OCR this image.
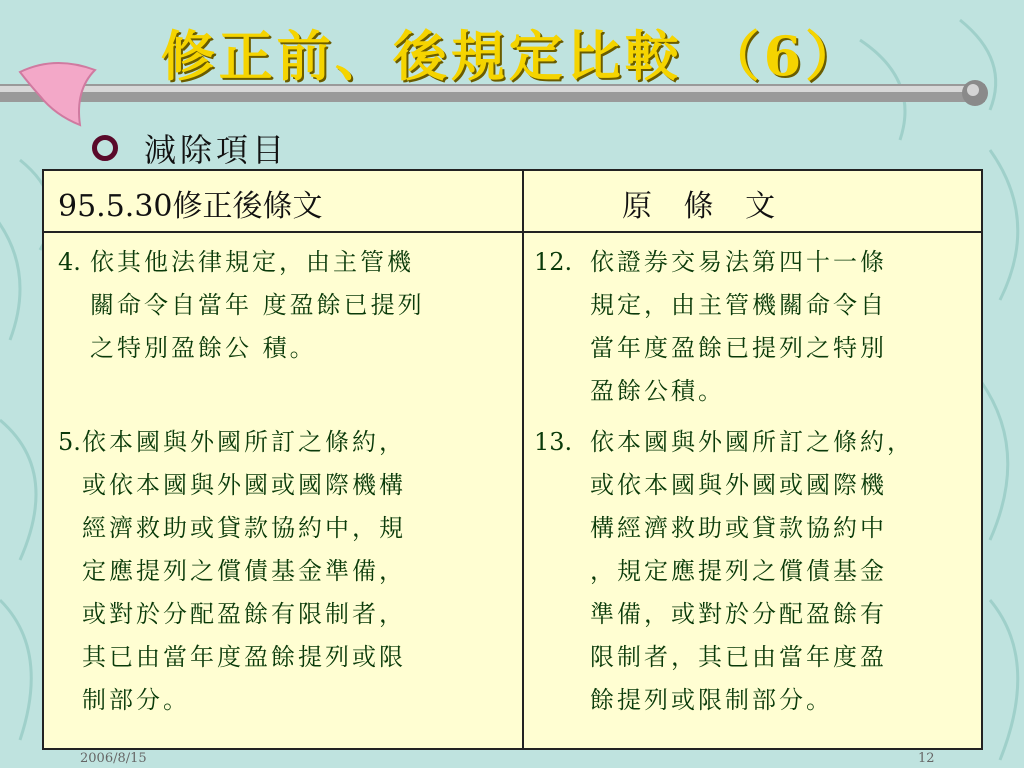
修正前、後規定比較 （6）
減除項目
95.5.30修正後條文	原 條 文
4. 依其他法律規定，由主管機
關命令自當年 度盈餘已提列
之特別盈餘公 積。
5. 依本國與外國所訂之條約，
或依本國與外國或國際機構
經濟救助或貸款協約中，規
定應提列之償債基金準備，
或對於分配盈餘有限制者，
其已由當年度盈餘提列或限
制部分。
12. 依證券交易法第四十一條
規定，由主管機關命令自
當年度盈餘已提列之特別
盈餘公積。
13. 依本國與外國所訂之條約，
或依本國與外國或國際機
構經濟救助或貸款協約中
，規定應提列之償債基金
準備，或對於分配盈餘有
限制者，其已由當年度盈
餘提列或限制部分。
2006/8/15	12
